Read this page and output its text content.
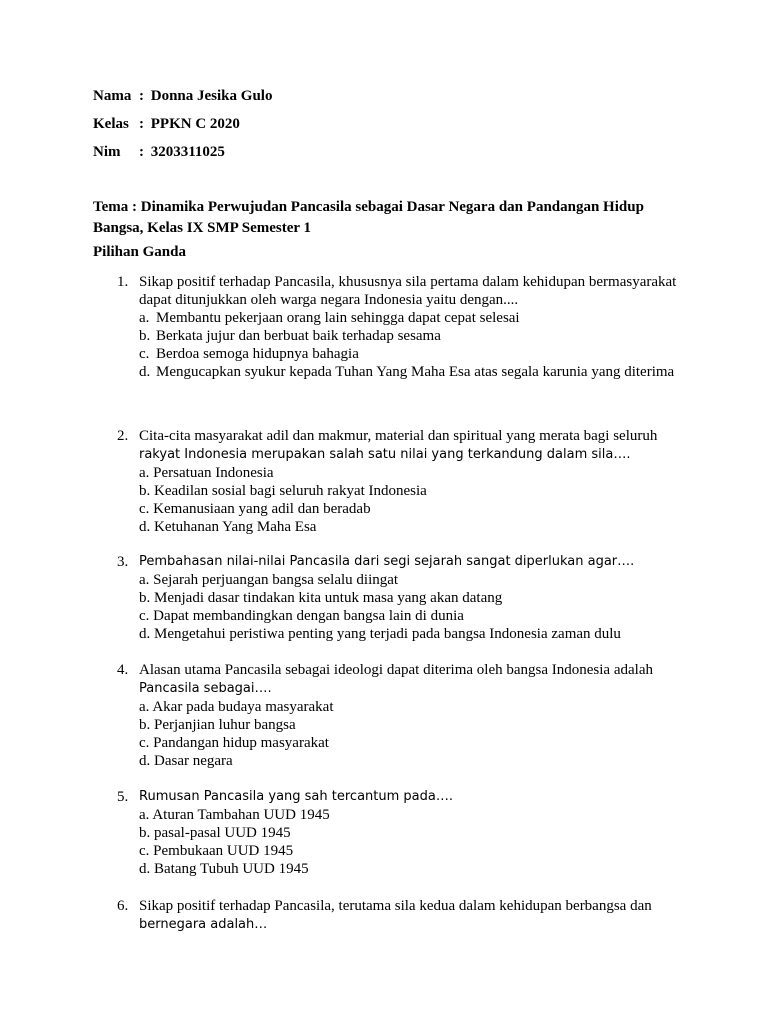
Nama : Donna Jesika Gulo
Kelas : PPKN C 2020
Nim : 3203311025
Tema : Dinamika Perwujudan Pancasila sebagai Dasar Negara dan Pandangan Hidup Bangsa, Kelas IX SMP Semester 1
Pilihan Ganda
1. Sikap positif terhadap Pancasila, khususnya sila pertama dalam kehidupan bermasyarakat dapat ditunjukkan oleh warga negara Indonesia yaitu dengan....
a. Membantu pekerjaan orang lain sehingga dapat cepat selesai
b. Berkata jujur dan berbuat baik terhadap sesama
c. Berdoa semoga hidupnya bahagia
d. Mengucapkan syukur kepada Tuhan Yang Maha Esa atas segala karunia yang diterima
2. Cita-cita masyarakat adil dan makmur, material dan spiritual yang merata bagi seluruh rakyat Indonesia merupakan salah satu nilai yang terkandung dalam sila….
a. Persatuan Indonesia
b. Keadilan sosial bagi seluruh rakyat Indonesia
c. Kemanusiaan yang adil dan beradab
d. Ketuhanan Yang Maha Esa
3. Pembahasan nilai-nilai Pancasila dari segi sejarah sangat diperlukan agar….
a. Sejarah perjuangan bangsa selalu diingat
b. Menjadi dasar tindakan kita untuk masa yang akan datang
c. Dapat membandingkan dengan bangsa lain di dunia
d. Mengetahui peristiwa penting yang terjadi pada bangsa Indonesia zaman dulu
4. Alasan utama Pancasila sebagai ideologi dapat diterima oleh bangsa Indonesia adalah Pancasila sebagai….
a. Akar pada budaya masyarakat
b. Perjanjian luhur bangsa
c. Pandangan hidup masyarakat
d. Dasar negara
5. Rumusan Pancasila yang sah tercantum pada….
a. Aturan Tambahan UUD 1945
b. pasal-pasal UUD 1945
c. Pembukaan UUD 1945
d. Batang Tubuh UUD 1945
6. Sikap positif terhadap Pancasila, terutama sila kedua dalam kehidupan berbangsa dan bernegara adalah…
